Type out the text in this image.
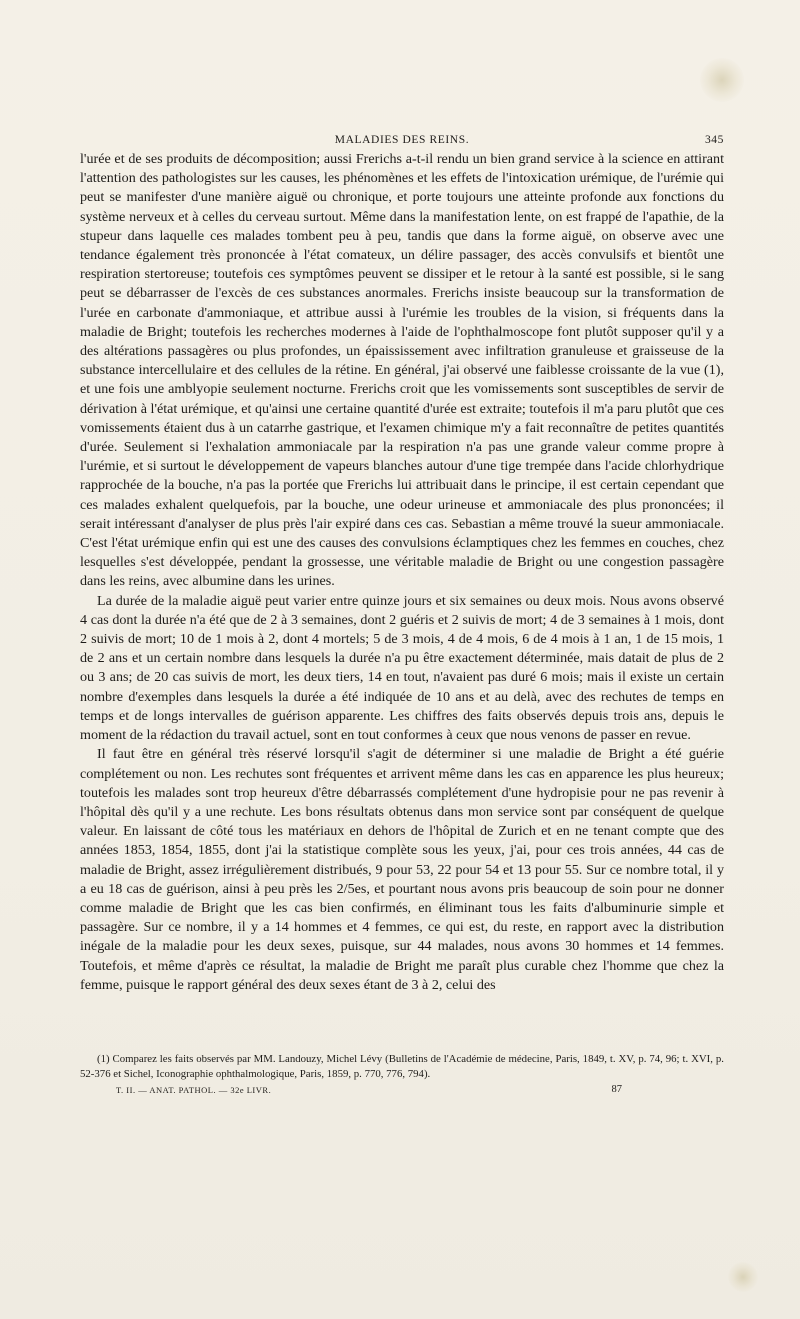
MALADIES DES REINS.	345

l'urée et de ses produits de décomposition; aussi Frerichs a-t-il rendu un bien grand service à la science en attirant l'attention des pathologistes sur les causes, les phénomènes et les effets de l'intoxication urémique, de l'urémie qui peut se manifester d'une manière aiguë ou chronique, et porte toujours une atteinte profonde aux fonctions du système nerveux et à celles du cerveau surtout. Même dans la manifestation lente, on est frappé de l'apathie, de la stupeur dans laquelle ces malades tombent peu à peu, tandis que dans la forme aiguë, on observe avec une tendance également très prononcée à l'état comateux, un délire passager, des accès convulsifs et bientôt une respiration stertoreuse; toutefois ces symptômes peuvent se dissiper et le retour à la santé est possible, si le sang peut se débarrasser de l'excès de ces substances anormales. Frerichs insiste beaucoup sur la transformation de l'urée en carbonate d'ammoniaque, et attribue aussi à l'urémie les troubles de la vision, si fréquents dans la maladie de Bright; toutefois les recherches modernes à l'aide de l'ophthalmoscope font plutôt supposer qu'il y a des altérations passagères ou plus profondes, un épaississement avec infiltration granuleuse et graisseuse de la substance intercellulaire et des cellules de la rétine. En général, j'ai observé une faiblesse croissante de la vue (1), et une fois une amblyopie seulement nocturne. Frerichs croit que les vomissements sont susceptibles de servir de dérivation à l'état urémique, et qu'ainsi une certaine quantité d'urée est extraite; toutefois il m'a paru plutôt que ces vomissements étaient dus à un catarrhe gastrique, et l'examen chimique m'y a fait reconnaître de petites quantités d'urée. Seulement si l'exhalation ammoniacale par la respiration n'a pas une grande valeur comme propre à l'urémie, et si surtout le développement de vapeurs blanches autour d'une tige trempée dans l'acide chlorhydrique rapprochée de la bouche, n'a pas la portée que Frerichs lui attribuait dans le principe, il est certain cependant que ces malades exhalent quelquefois, par la bouche, une odeur urineuse et ammoniacale des plus prononcées; il serait intéressant d'analyser de plus près l'air expiré dans ces cas. Sebastian a même trouvé la sueur ammoniacale. C'est l'état urémique enfin qui est une des causes des convulsions éclamptiques chez les femmes en couches, chez lesquelles s'est développée, pendant la grossesse, une véritable maladie de Bright ou une congestion passagère dans les reins, avec albumine dans les urines.

La durée de la maladie aiguë peut varier entre quinze jours et six semaines ou deux mois. Nous avons observé 4 cas dont la durée n'a été que de 2 à 3 semaines, dont 2 guéris et 2 suivis de mort; 4 de 3 semaines à 1 mois, dont 2 suivis de mort; 10 de 1 mois à 2, dont 4 mortels; 5 de 3 mois, 4 de 4 mois, 6 de 4 mois à 1 an, 1 de 15 mois, 1 de 2 ans et un certain nombre dans lesquels la durée n'a pu être exactement déterminée, mais datait de plus de 2 ou 3 ans; de 20 cas suivis de mort, les deux tiers, 14 en tout, n'avaient pas duré 6 mois; mais il existe un certain nombre d'exemples dans lesquels la durée a été indiquée de 10 ans et au delà, avec des rechutes de temps en temps et de longs intervalles de guérison apparente. Les chiffres des faits observés depuis trois ans, depuis le moment de la rédaction du travail actuel, sont en tout conformes à ceux que nous venons de passer en revue.

Il faut être en général très réservé lorsqu'il s'agit de déterminer si une maladie de Bright a été guérie complétement ou non. Les rechutes sont fréquentes et arrivent même dans les cas en apparence les plus heureux; toutefois les malades sont trop heureux d'être débarrassés complétement d'une hydropisie pour ne pas revenir à l'hôpital dès qu'il y a une rechute. Les bons résultats obtenus dans mon service sont par conséquent de quelque valeur. En laissant de côté tous les matériaux en dehors de l'hôpital de Zurich et en ne tenant compte que des années 1853, 1854, 1855, dont j'ai la statistique complète sous les yeux, j'ai, pour ces trois années, 44 cas de maladie de Bright, assez irrégulièrement distribués, 9 pour 53, 22 pour 54 et 13 pour 55. Sur ce nombre total, il y a eu 18 cas de guérison, ainsi à peu près les 2/5es, et pourtant nous avons pris beaucoup de soin pour ne donner comme maladie de Bright que les cas bien confirmés, en éliminant tous les faits d'albuminurie simple et passagère. Sur ce nombre, il y a 14 hommes et 4 femmes, ce qui est, du reste, en rapport avec la distribution inégale de la maladie pour les deux sexes, puisque, sur 44 malades, nous avons 30 hommes et 14 femmes. Toutefois, et même d'après ce résultat, la maladie de Bright me paraît plus curable chez l'homme que chez la femme, puisque le rapport général des deux sexes étant de 3 à 2, celui des

(1) Comparez les faits observés par MM. Landouzy, Michel Lévy (Bulletins de l'Académie de médecine, Paris, 1849, t. XV, p. 74, 96; t. XVI, p. 52-376 et Sichel, Iconographie ophthalmologique, Paris, 1859, p. 770, 776, 794).

T. II. — ANAT. PATHOL. — 32e LIVR.	87
